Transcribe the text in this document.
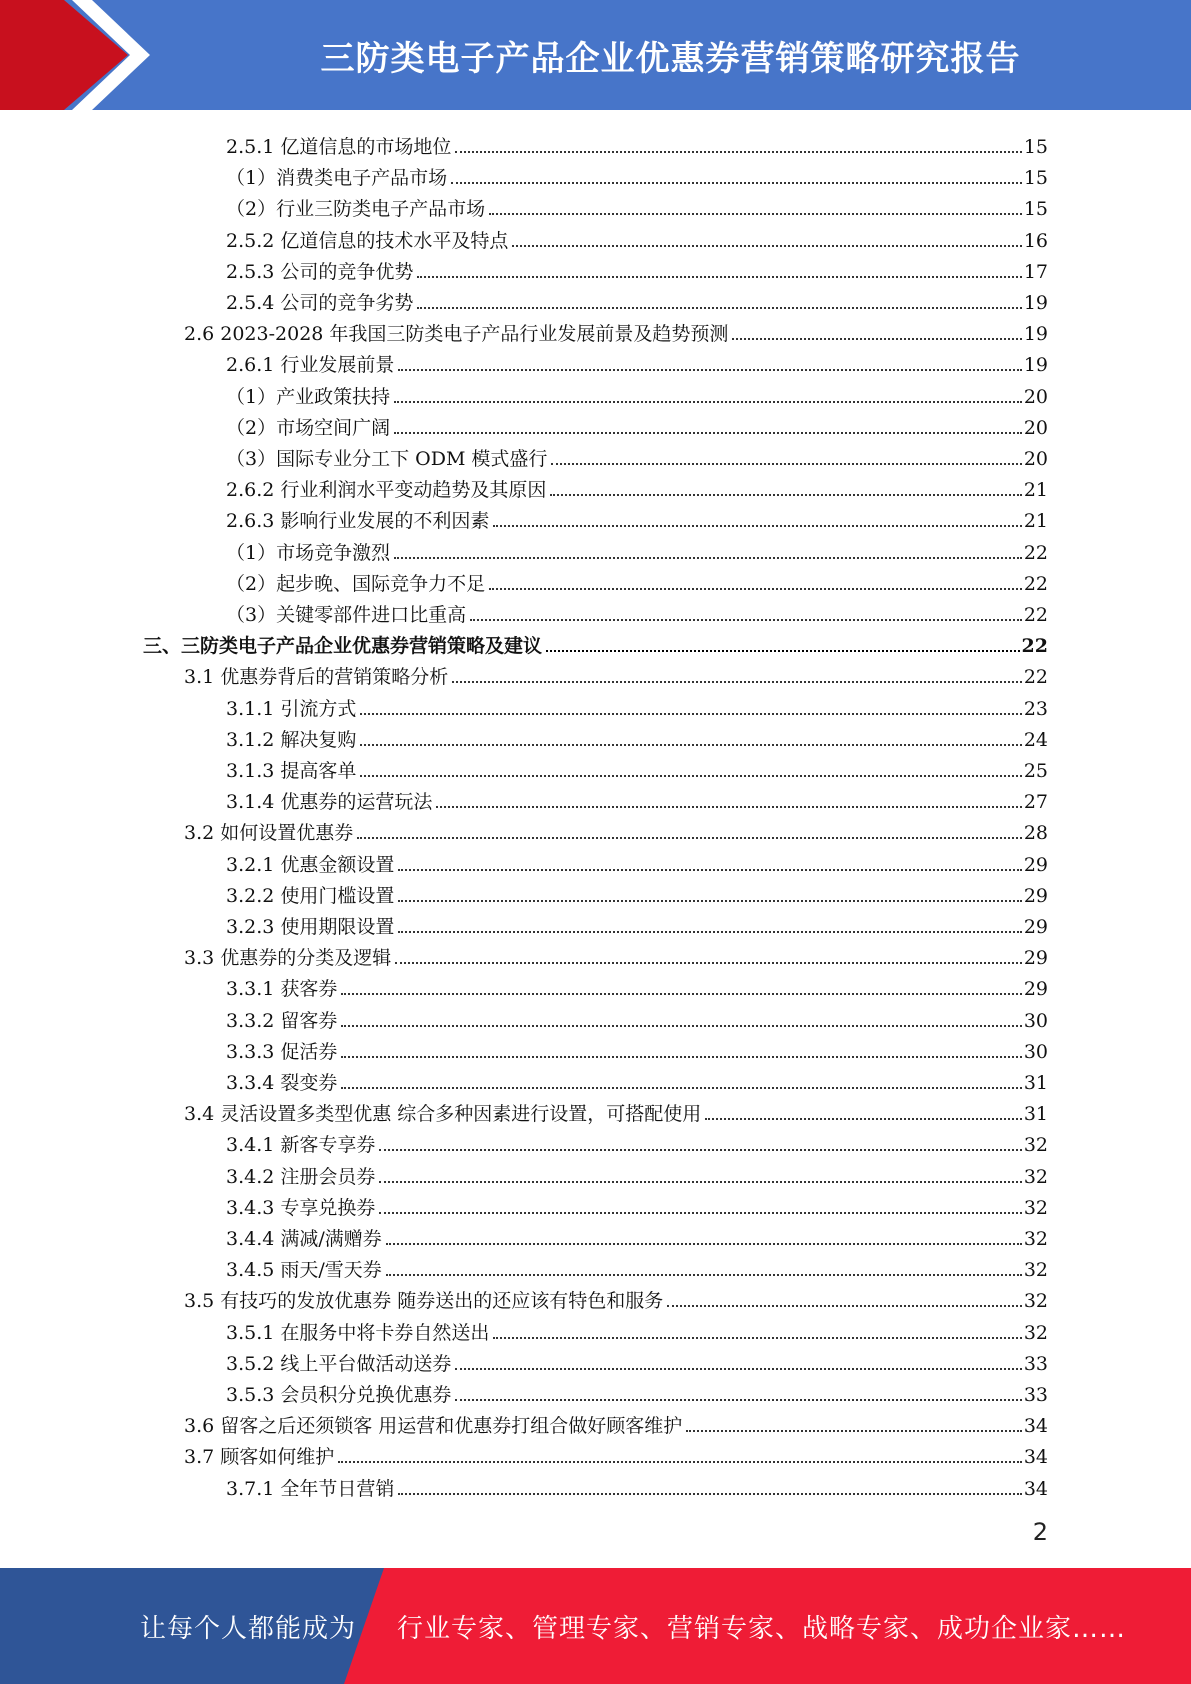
三防类电子产品企业优惠券营销策略研究报告
2.5.1 亿道信息的市场地位	15
（1）消费类电子产品市场	15
（2）行业三防类电子产品市场	15
2.5.2 亿道信息的技术水平及特点	16
2.5.3 公司的竞争优势	17
2.5.4 公司的竞争劣势	19
2.6 2023-2028 年我国三防类电子产品行业发展前景及趋势预测	19
2.6.1 行业发展前景	19
（1）产业政策扶持	20
（2）市场空间广阔	20
（3）国际专业分工下 ODM 模式盛行	20
2.6.2 行业利润水平变动趋势及其原因	21
2.6.3 影响行业发展的不利因素	21
（1）市场竞争激烈	22
（2）起步晚、国际竞争力不足	22
（3）关键零部件进口比重高	22
三、三防类电子产品企业优惠券营销策略及建议	22
3.1 优惠券背后的营销策略分析	22
3.1.1 引流方式	23
3.1.2 解决复购	24
3.1.3 提高客单	25
3.1.4 优惠券的运营玩法	27
3.2 如何设置优惠券	28
3.2.1 优惠金额设置	29
3.2.2 使用门槛设置	29
3.2.3 使用期限设置	29
3.3 优惠券的分类及逻辑	29
3.3.1 获客券	29
3.3.2 留客券	30
3.3.3 促活券	30
3.3.4 裂变券	31
3.4 灵活设置多类型优惠 综合多种因素进行设置，可搭配使用	31
3.4.1 新客专享券	32
3.4.2 注册会员券	32
3.4.3 专享兑换券	32
3.4.4 满减/满赠券	32
3.4.5 雨天/雪天券	32
3.5 有技巧的发放优惠券 随券送出的还应该有特色和服务	32
3.5.1 在服务中将卡券自然送出	32
3.5.2 线上平台做活动送券	33
3.5.3 会员积分兑换优惠券	33
3.6 留客之后还须锁客 用运营和优惠券打组合做好顾客维护	34
3.7 顾客如何维护	34
3.7.1 全年节日营销	34
2
让每个人都能成为 行业专家、管理专家、营销专家、战略专家、成功企业家……
